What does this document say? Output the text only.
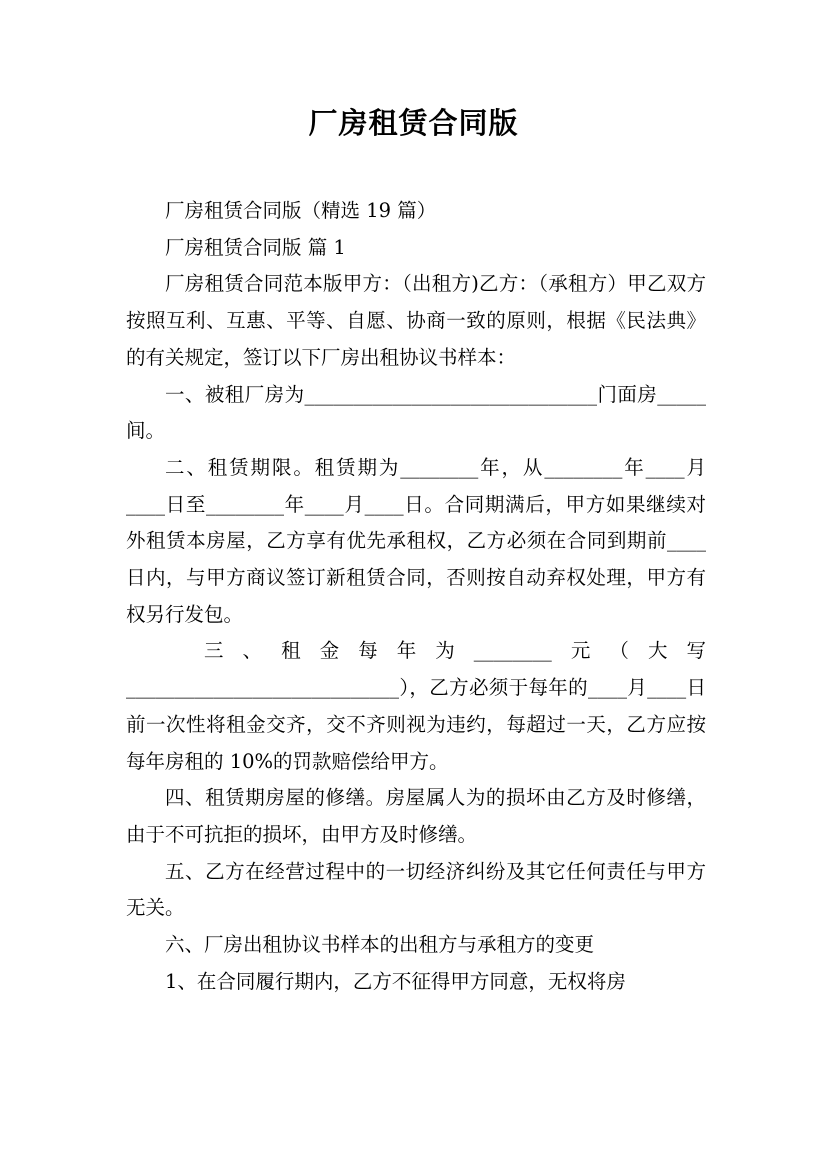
厂房租赁合同版

厂房租赁合同版（精选 19 篇）

厂房租赁合同版 篇 1

厂房租赁合同范本版甲方：（出租方)乙方：（承租方）甲乙双方按照互利、互惠、平等、自愿、协商一致的原则，根据《民法典》的有关规定，签订以下厂房出租协议书样本：

一、被租厂房为______________________________门面房_____间。

二、租赁期限。租赁期为________年，从________年____月____日至________年____月____日。合同期满后，甲方如果继续对外租赁本房屋，乙方享有优先承租权，乙方必须在合同到期前____日内，与甲方商议签订新租赁合同，否则按自动弃权处理，甲方有权另行发包。

三、租金每年为________元（大写

____________________________），乙方必须于每年的____月____日前一次性将租金交齐，交不齐则视为违约，每超过一天，乙方应按每年房租的 10%的罚款赔偿给甲方。

四、租赁期房屋的修缮。房屋属人为的损坏由乙方及时修缮，由于不可抗拒的损坏，由甲方及时修缮。

五、乙方在经营过程中的一切经济纠纷及其它任何责任与甲方无关。

六、厂房出租协议书样本的出租方与承租方的变更

1、在合同履行期内，乙方不征得甲方同意，无权将房
